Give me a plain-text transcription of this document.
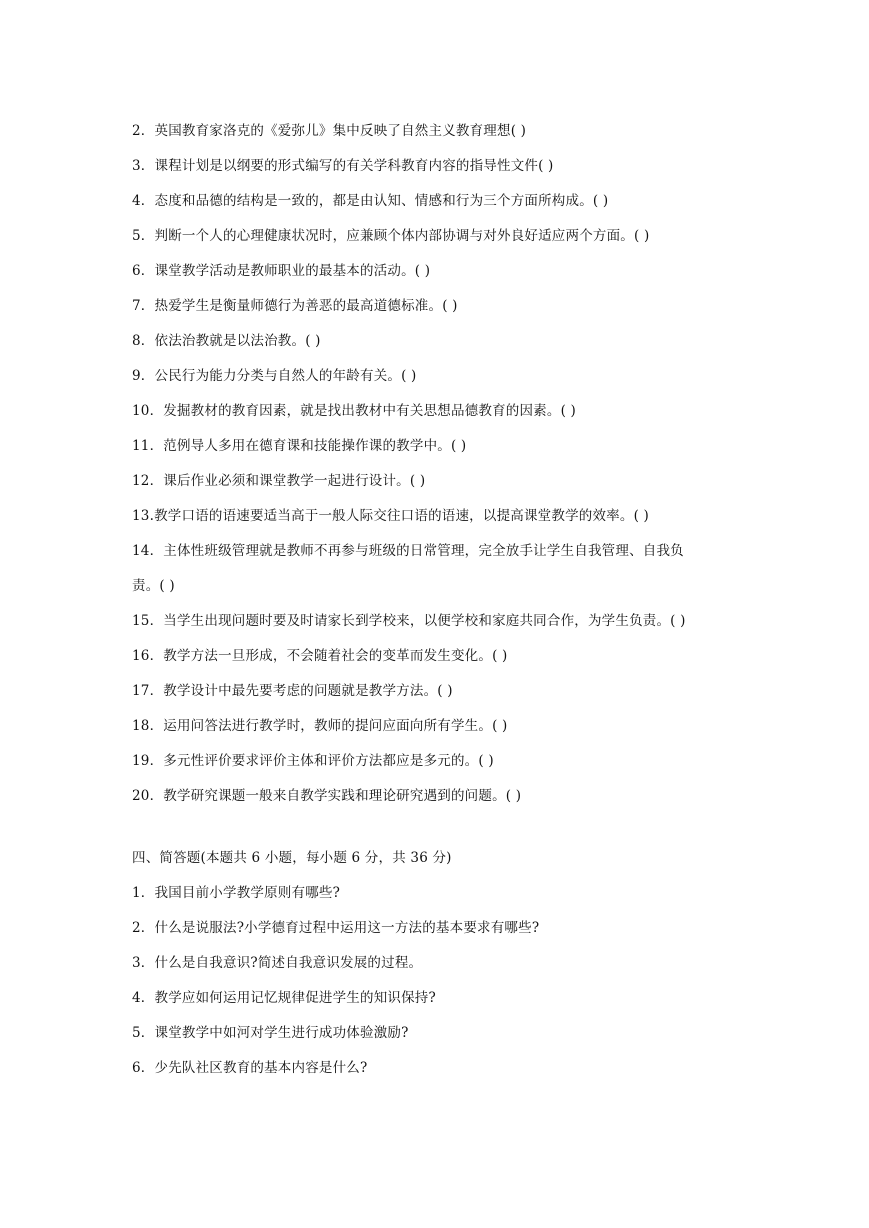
2．英国教育家洛克的《爱弥儿》集中反映了自然主义教育理想( )
3．课程计划是以纲要的形式编写的有关学科教育内容的指导性文件( )
4．态度和品德的结构是一致的，都是由认知、情感和行为三个方面所构成。( )
5．判断一个人的心理健康状况时，应兼顾个体内部协调与对外良好适应两个方面。( )
6．课堂教学活动是教师职业的最基本的活动。( )
7．热爱学生是衡量师德行为善恶的最高道德标准。( )
8．依法治教就是以法治教。( )
9．公民行为能力分类与自然人的年龄有关。( )
10．发掘教材的教育因素，就是找出教材中有关思想品德教育的因素。( )
11．范例导人多用在德育课和技能操作课的教学中。( )
12．课后作业必须和课堂教学一起进行设计。( )
13.教学口语的语速要适当高于一般人际交往口语的语速，以提高课堂教学的效率。( )
14．主体性班级管理就是教师不再参与班级的日常管理，完全放手让学生自我管理、自我负
责。( )
15．当学生出现问题时要及时请家长到学校来，以便学校和家庭共同合作，为学生负责。( )
16．教学方法一旦形成，不会随着社会的变革而发生变化。( )
17．教学设计中最先要考虑的问题就是教学方法。( )
18．运用问答法进行教学时，教师的提问应面向所有学生。( )
19．多元性评价要求评价主体和评价方法都应是多元的。( )
20．教学研究课题一般来自教学实践和理论研究遇到的问题。( )
四、简答题(本题共 6 小题，每小题 6 分，共 36 分)
1．我国目前小学教学原则有哪些?
2．什么是说服法?小学德育过程中运用这一方法的基本要求有哪些?
3．什么是自我意识?简述自我意识发展的过程。
4．教学应如何运用记忆规律促进学生的知识保持?
5．课堂教学中如河对学生进行成功体验激励?
6．少先队社区教育的基本内容是什么?
